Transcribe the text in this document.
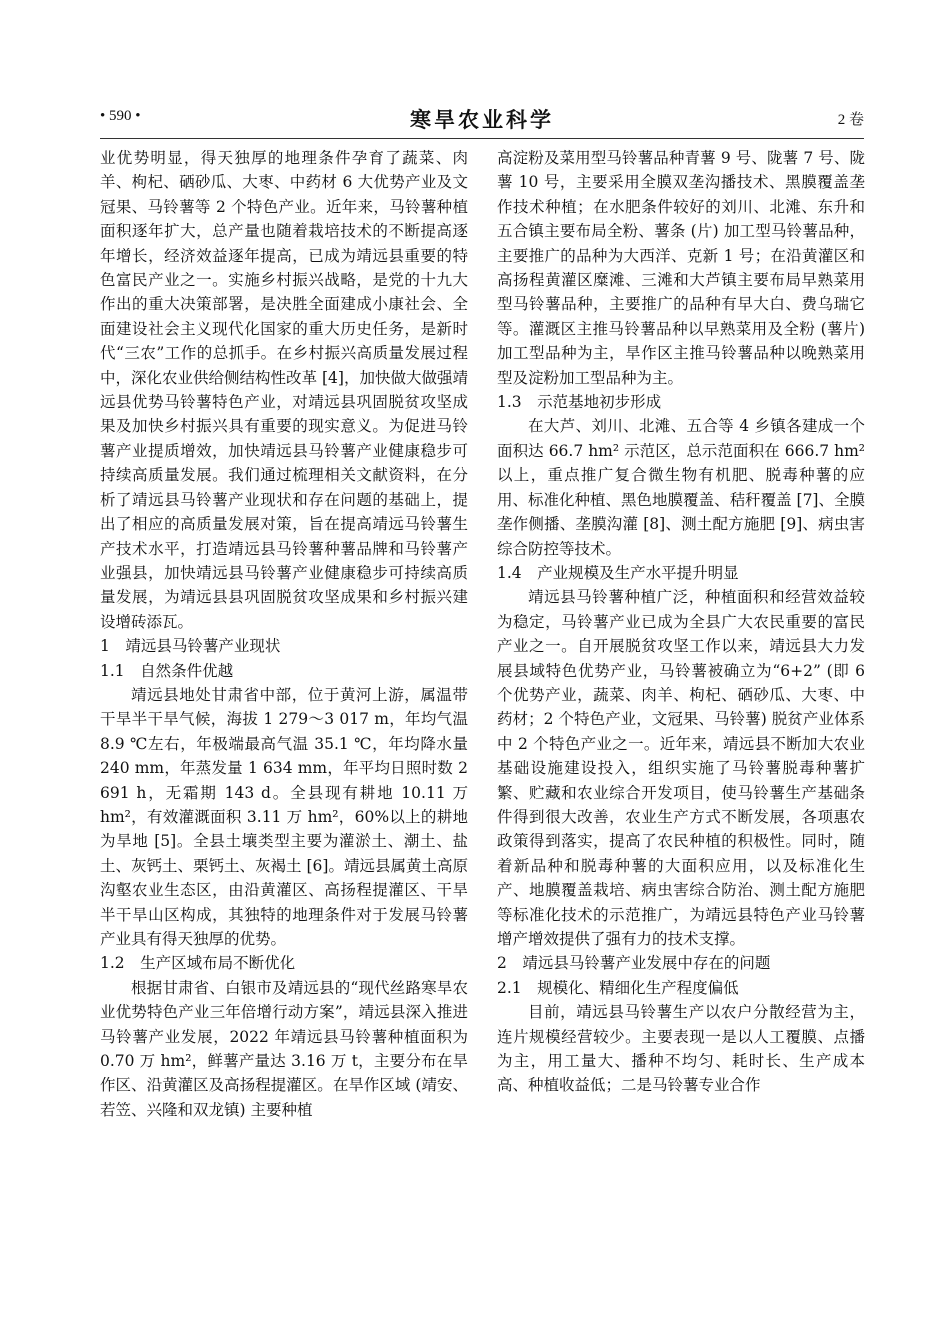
• 590 •	寒旱农业科学	2 卷

业优势明显，得天独厚的地理条件孕育了蔬菜、肉羊、枸杞、硒砂瓜、大枣、中药材 6 大优势产业及文冠果、马铃薯等 2 个特色产业。近年来，马铃薯种植面积逐年扩大，总产量也随着栽培技术的不断提高逐年增长，经济效益逐年提高，已成为靖远县重要的特色富民产业之一。实施乡村振兴战略，是党的十九大作出的重大决策部署，是决胜全面建成小康社会、全面建设社会主义现代化国家的重大历史任务，是新时代“三农”工作的总抓手。在乡村振兴高质量发展过程中，深化农业供给侧结构性改革 [4]，加快做大做强靖远县优势马铃薯特色产业，对靖远县巩固脱贫攻坚成果及加快乡村振兴具有重要的现实意义。为促进马铃薯产业提质增效，加快靖远县马铃薯产业健康稳步可持续高质量发展。我们通过梳理相关文献资料，在分析了靖远县马铃薯产业现状和存在问题的基础上，提出了相应的高质量发展对策，旨在提高靖远马铃薯生产技术水平，打造靖远县马铃薯种薯品牌和马铃薯产业强县，加快靖远县马铃薯产业健康稳步可持续高质量发展，为靖远县县巩固脱贫攻坚成果和乡村振兴建设增砖添瓦。

1　靖远县马铃薯产业现状

1.1　自然条件优越

靖远县地处甘肃省中部，位于黄河上游，属温带干旱半干旱气候，海拔 1 279～3 017 m，年均气温 8.9 ℃左右，年极端最高气温 35.1 ℃，年均降水量 240 mm，年蒸发量 1 634 mm，年平均日照时数 2 691 h，无霜期 143 d。全县现有耕地 10.11 万 hm²，有效灌溉面积 3.11 万 hm²，60%以上的耕地为旱地 [5]。全县土壤类型主要为灌淤土、潮土、盐土、灰钙土、栗钙土、灰褐土 [6]。靖远县属黄土高原沟壑农业生态区，由沿黄灌区、高扬程提灌区、干旱半干旱山区构成，其独特的地理条件对于发展马铃薯产业具有得天独厚的优势。

1.2　生产区域布局不断优化

根据甘肃省、白银市及靖远县的“现代丝路寒旱农业优势特色产业三年倍增行动方案”，靖远县深入推进马铃薯产业发展，2022 年靖远县马铃薯种植面积为 0.70 万 hm²，鲜薯产量达 3.16 万 t，主要分布在旱作区、沿黄灌区及高扬程提灌区。在旱作区域 (靖安、若笠、兴隆和双龙镇) 主要种植

高淀粉及菜用型马铃薯品种青薯 9 号、陇薯 7 号、陇薯 10 号，主要采用全膜双垄沟播技术、黑膜覆盖垄作技术种植；在水肥条件较好的刘川、北滩、东升和五合镇主要布局全粉、薯条 (片) 加工型马铃薯品种，主要推广的品种为大西洋、克新 1 号；在沿黄灌区和高扬程黄灌区糜滩、三滩和大芦镇主要布局早熟菜用型马铃薯品种，主要推广的品种有早大白、费乌瑞它等。灌溉区主推马铃薯品种以早熟菜用及全粉 (薯片) 加工型品种为主，旱作区主推马铃薯品种以晚熟菜用型及淀粉加工型品种为主。

1.3　示范基地初步形成

在大芦、刘川、北滩、五合等 4 乡镇各建成一个面积达 66.7 hm² 示范区，总示范面积在 666.7 hm² 以上，重点推广复合微生物有机肥、脱毒种薯的应用、标准化种植、黑色地膜覆盖、秸秆覆盖 [7]、全膜垄作侧播、垄膜沟灌 [8]、测土配方施肥 [9]、病虫害综合防控等技术。

1.4　产业规模及生产水平提升明显

靖远县马铃薯种植广泛，种植面积和经营效益较为稳定，马铃薯产业已成为全县广大农民重要的富民产业之一。自开展脱贫攻坚工作以来，靖远县大力发展县域特色优势产业，马铃薯被确立为“6+2” (即 6 个优势产业，蔬菜、肉羊、枸杞、硒砂瓜、大枣、中药材；2 个特色产业，文冠果、马铃薯) 脱贫产业体系中 2 个特色产业之一。近年来，靖远县不断加大农业基础设施建设投入，组织实施了马铃薯脱毒种薯扩繁、贮藏和农业综合开发项目，使马铃薯生产基础条件得到很大改善，农业生产方式不断发展，各项惠农政策得到落实，提高了农民种植的积极性。同时，随着新品种和脱毒种薯的大面积应用，以及标准化生产、地膜覆盖栽培、病虫害综合防治、测土配方施肥等标准化技术的示范推广，为靖远县特色产业马铃薯增产增效提供了强有力的技术支撑。

2　靖远县马铃薯产业发展中存在的问题

2.1　规模化、精细化生产程度偏低

目前，靖远县马铃薯生产以农户分散经营为主，连片规模经营较少。主要表现一是以人工覆膜、点播为主，用工量大、播种不均匀、耗时长、生产成本高、种植收益低；二是马铃薯专业合作
